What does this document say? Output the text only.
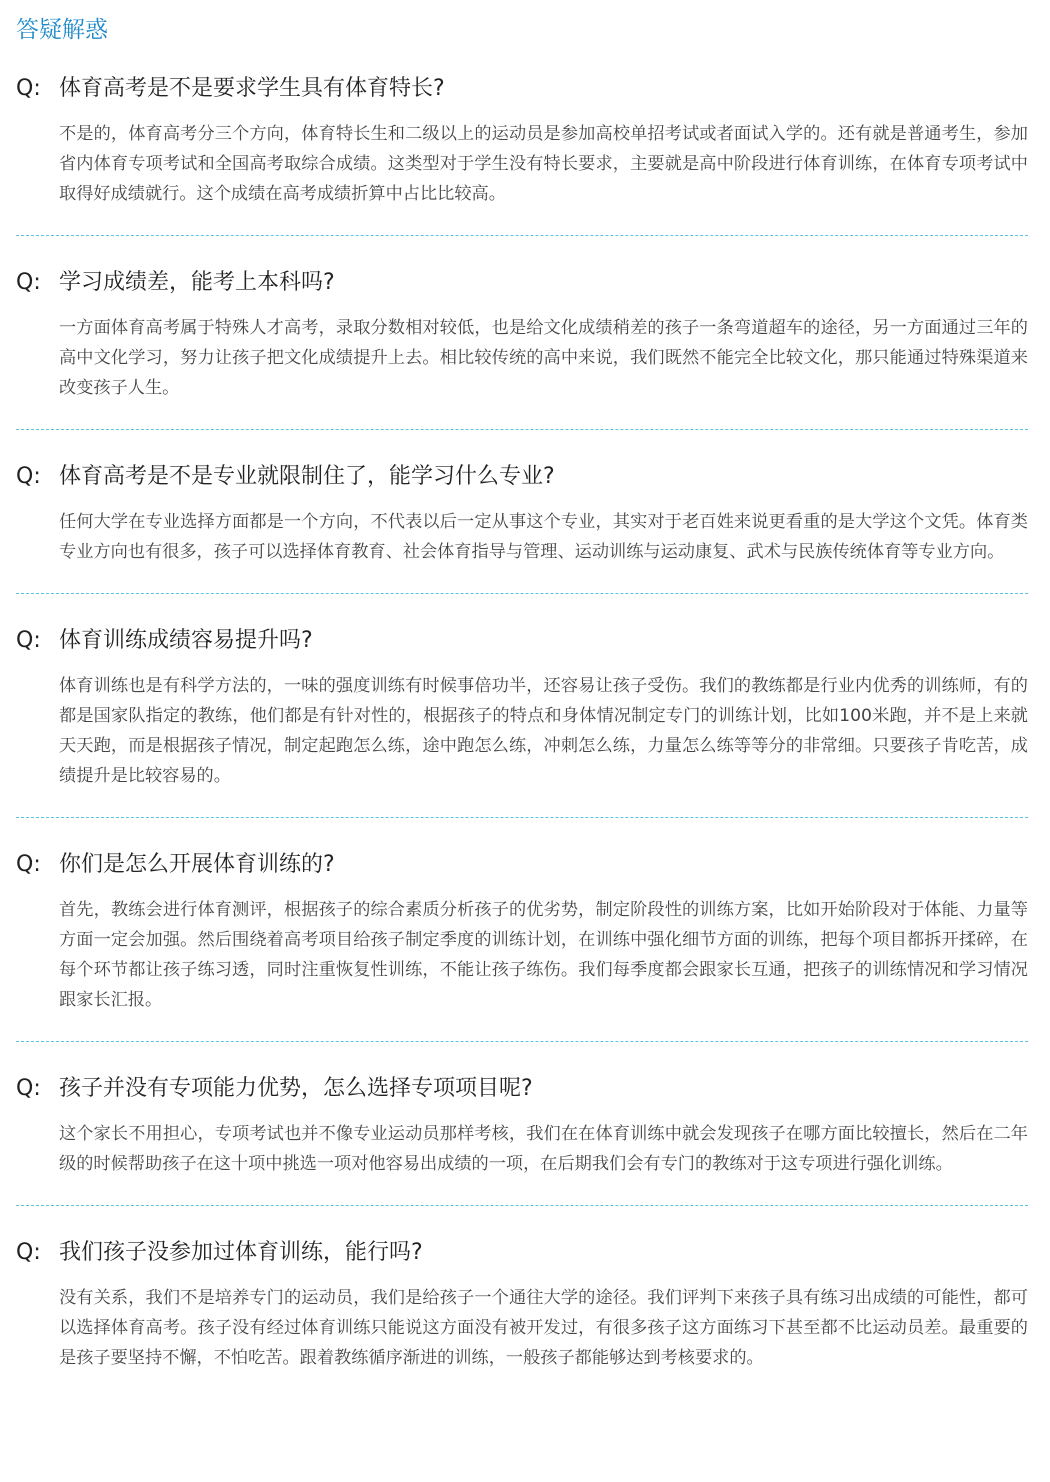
答疑解惑
Q: 体育高考是不是要求学生具有体育特长?
不是的，体育高考分三个方向，体育特长生和二级以上的运动员是参加高校单招考试或者面试入学的。还有就是普通考生，参加省内体育专项考试和全国高考取综合成绩。这类型对于学生没有特长要求，主要就是高中阶段进行体育训练，在体育专项考试中取得好成绩就行。这个成绩在高考成绩折算中占比比较高。
Q: 学习成绩差，能考上本科吗?
一方面体育高考属于特殊人才高考，录取分数相对较低，也是给文化成绩稍差的孩子一条弯道超车的途径，另一方面通过三年的高中文化学习，努力让孩子把文化成绩提升上去。相比较传统的高中来说，我们既然不能完全比较文化，那只能通过特殊渠道来改变孩子人生。
Q: 体育高考是不是专业就限制住了，能学习什么专业?
任何大学在专业选择方面都是一个方向，不代表以后一定从事这个专业，其实对于老百姓来说更看重的是大学这个文凭。体育类专业方向也有很多，孩子可以选择体育教育、社会体育指导与管理、运动训练与运动康复、武术与民族传统体育等专业方向。
Q: 体育训练成绩容易提升吗?
体育训练也是有科学方法的，一味的强度训练有时候事倍功半，还容易让孩子受伤。我们的教练都是行业内优秀的训练师，有的都是国家队指定的教练，他们都是有针对性的，根据孩子的特点和身体情况制定专门的训练计划，比如100米跑，并不是上来就天天跑，而是根据孩子情况，制定起跑怎么练，途中跑怎么练，冲刺怎么练，力量怎么练等等分的非常细。只要孩子肯吃苦，成绩提升是比较容易的。
Q: 你们是怎么开展体育训练的?
首先，教练会进行体育测评，根据孩子的综合素质分析孩子的优劣势，制定阶段性的训练方案，比如开始阶段对于体能、力量等方面一定会加强。然后围绕着高考项目给孩子制定季度的训练计划，在训练中强化细节方面的训练，把每个项目都拆开揉碎，在每个环节都让孩子练习透，同时注重恢复性训练，不能让孩子练伤。我们每季度都会跟家长互通，把孩子的训练情况和学习情况跟家长汇报。
Q: 孩子并没有专项能力优势，怎么选择专项项目呢?
这个家长不用担心，专项考试也并不像专业运动员那样考核，我们在在体育训练中就会发现孩子在哪方面比较擅长，然后在二年级的时候帮助孩子在这十项中挑选一项对他容易出成绩的一项，在后期我们会有专门的教练对于这专项进行强化训练。
Q: 我们孩子没参加过体育训练，能行吗?
没有关系，我们不是培养专门的运动员，我们是给孩子一个通往大学的途径。我们评判下来孩子具有练习出成绩的可能性，都可以选择体育高考。孩子没有经过体育训练只能说这方面没有被开发过，有很多孩子这方面练习下甚至都不比运动员差。最重要的是孩子要坚持不懈，不怕吃苦。跟着教练循序渐进的训练，一般孩子都能够达到考核要求的。
